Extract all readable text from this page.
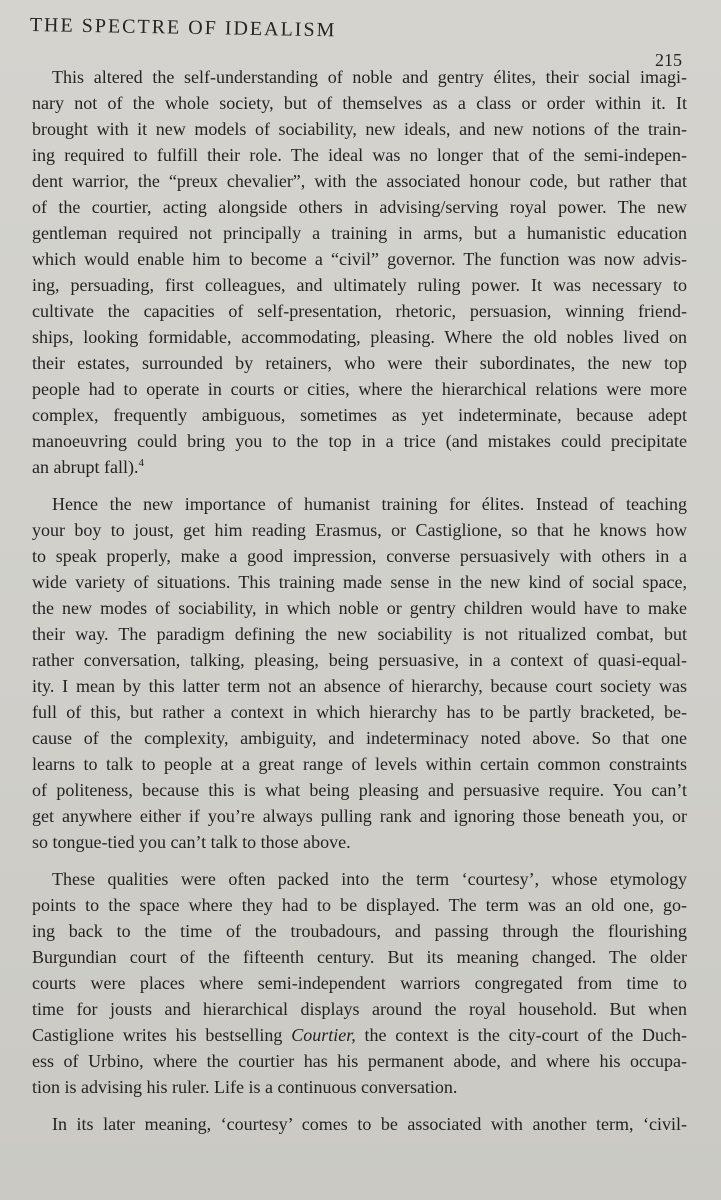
THE SPECTRE OF IDEALISM
215
This altered the self-understanding of noble and gentry élites, their social imagi-
nary not of the whole society, but of themselves as a class or order within it. It
brought with it new models of sociability, new ideals, and new notions of the train-
ing required to fulfill their role. The ideal was no longer that of the semi-indepen-
dent warrior, the “preux chevalier”, with the associated honour code, but rather that
of the courtier, acting alongside others in advising/serving royal power. The new
gentleman required not principally a training in arms, but a humanistic education
which would enable him to become a “civil” governor. The function was now advis-
ing, persuading, first colleagues, and ultimately ruling power. It was necessary to
cultivate the capacities of self-presentation, rhetoric, persuasion, winning friend-
ships, looking formidable, accommodating, pleasing. Where the old nobles lived on
their estates, surrounded by retainers, who were their subordinates, the new top
people had to operate in courts or cities, where the hierarchical relations were more
complex, frequently ambiguous, sometimes as yet indeterminate, because adept
manoeuvring could bring you to the top in a trice (and mistakes could precipitate
an abrupt fall).$^4$
Hence the new importance of humanist training for élites. Instead of teaching
your boy to joust, get him reading Erasmus, or Castiglione, so that he knows how
to speak properly, make a good impression, converse persuasively with others in a
wide variety of situations. This training made sense in the new kind of social space,
the new modes of sociability, in which noble or gentry children would have to make
their way. The paradigm defining the new sociability is not ritualized combat, but
rather conversation, talking, pleasing, being persuasive, in a context of quasi-equal-
ity. I mean by this latter term not an absence of hierarchy, because court society was
full of this, but rather a context in which hierarchy has to be partly bracketed, be-
cause of the complexity, ambiguity, and indeterminacy noted above. So that one
learns to talk to people at a great range of levels within certain common constraints
of politeness, because this is what being pleasing and persuasive require. You can’t
get anywhere either if you’re always pulling rank and ignoring those beneath you, or
so tongue-tied you can’t talk to those above.
These qualities were often packed into the term ‘courtesy’, whose etymology
points to the space where they had to be displayed. The term was an old one, go-
ing back to the time of the troubadours, and passing through the flourishing
Burgundian court of the fifteenth century. But its meaning changed. The older
courts were places where semi-independent warriors congregated from time to
time for jousts and hierarchical displays around the royal household. But when
Castiglione writes his bestselling Courtier, the context is the city-court of the Duch-
ess of Urbino, where the courtier has his permanent abode, and where his occupa-
tion is advising his ruler. Life is a continuous conversation.
In its later meaning, ‘courtesy’ comes to be associated with another term, ‘civil-
